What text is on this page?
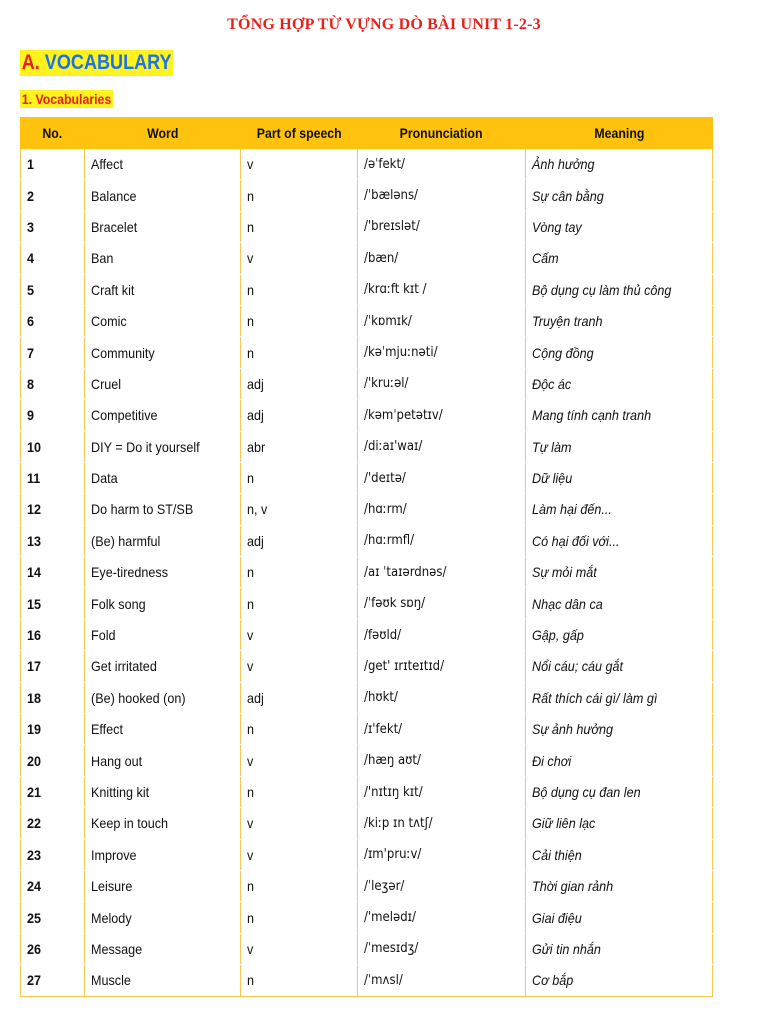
TỔNG HỢP TỪ VỰNG DÒ BÀI UNIT 1-2-3
A. VOCABULARY
1. Vocabularies
No.	Word	Part of speech	Pronunciation	Meaning
1	Affect	v	/əˈfekt/	Ảnh hưởng
2	Balance	n	/ˈbæləns/	Sự cân bằng
3	Bracelet	n	/'breɪslət/	Vòng tay
4	Ban	v	/bæn/	Cấm
5	Craft kit	n	/krɑːft kɪt /	Bộ dụng cụ làm thủ công
6	Comic	n	/ˈkɒmɪk/	Truyện tranh
7	Community	n	/kəˈmjuːnəti/	Cộng đồng
8	Cruel	adj	/'kruːəl/	Độc ác
9	Competitive	adj	/kəmˈpetətɪv/	Mang tính cạnh tranh
10	DIY = Do it yourself	abr	/diːaɪ'waɪ/	Tự làm
11	Data	n	/'deɪtə/	Dữ liệu
12	Do harm to ST/SB	n, v	/hɑːrm/	Làm hại đến...
13	(Be) harmful	adj	/hɑːrmfl/	Có hại đối với...
14	Eye-tiredness	n	/aɪ ˈtaɪərdnəs/	Sự mỏi mắt
15	Folk song	n	/ˈfəʊk sɒŋ/	Nhạc dân ca
16	Fold	v	/fəʊld/	Gập, gấp
17	Get irritated	v	/get' ɪrɪteɪtɪd/	Nổi cáu; cáu gắt
18	(Be) hooked (on)	adj	/hʊkt/	Rất thích cái gì/ làm gì
19	Effect	n	/ɪ'fekt/	Sự ảnh hưởng
20	Hang out	v	/hæŋ aʊt/	Đi chơi
21	Knitting kit	n	/'nɪtɪŋ kɪt/	Bộ dụng cụ đan len
22	Keep in touch	v	/kiːp ɪn tʌtʃ/	Giữ liên lạc
23	Improve	v	/ɪm'pruːv/	Cải thiện
24	Leisure	n	/ˈleʒər/	Thời gian rảnh
25	Melody	n	/'melədɪ/	Giai điệu
26	Message	v	/ˈmesɪdʒ/	Gửi tin nhắn
27	Muscle	n	/ˈmʌsl/	Cơ bắp
